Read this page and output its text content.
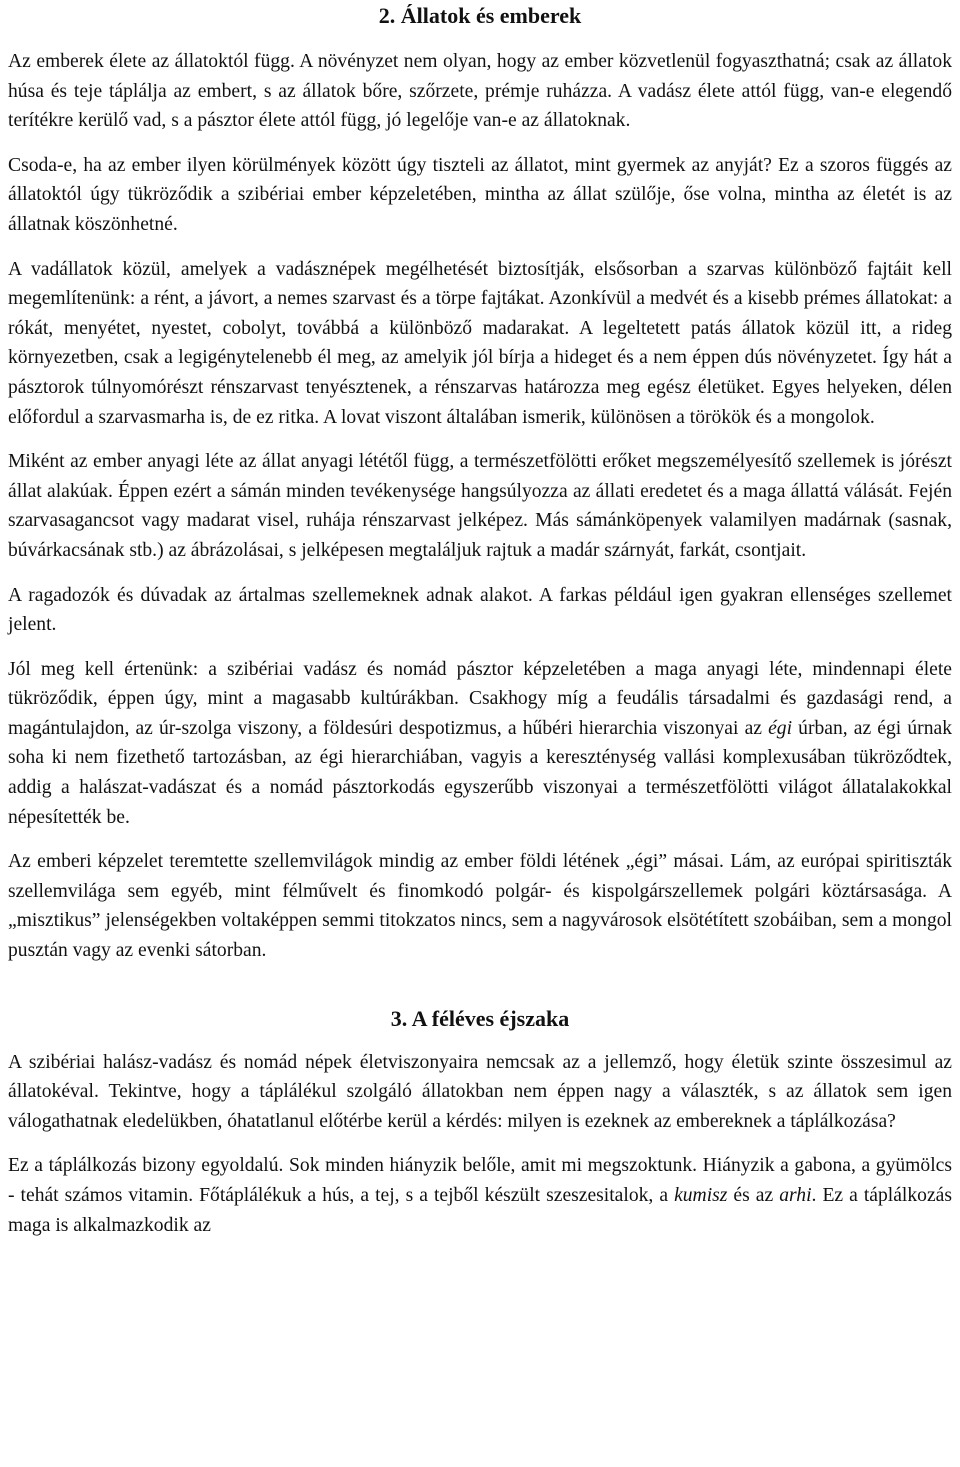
2. Állatok és emberek

Az emberek élete az állatoktól függ. A növényzet nem olyan, hogy az ember közvetlenül fogyaszthatná; csak az állatok húsa és teje táplálja az embert, s az állatok bőre, szőrzete, prémje ruházza. A vadász élete attól függ, van-e elegendő terítékre kerülő vad, s a pásztor élete attól függ, jó legelője van-e az állatoknak.

Csoda-e, ha az ember ilyen körülmények között úgy tiszteli az állatot, mint gyermek az anyját? Ez a szoros függés az állatoktól úgy tükröződik a szibériai ember képzeletében, mintha az állat szülője, őse volna, mintha az életét is az állatnak köszönhetné.

A vadállatok közül, amelyek a vadásznépek megélhetését biztosítják, elsősorban a szarvas különböző fajtáit kell megemlítenünk: a rént, a jávort, a nemes szarvast és a törpe fajtákat. Azonkívül a medvét és a kisebb prémes állatokat: a rókát, menyétet, nyestet, cobolyt, továbbá a különböző madarakat. A legeltetett patás állatok közül itt, a rideg környezetben, csak a legigénytelenebb él meg, az amelyik jól bírja a hideget és a nem éppen dús növényzetet. Így hát a pásztorok túlnyomórészt rénszarvast tenyésztenek, a rénszarvas határozza meg egész életüket. Egyes helyeken, délen előfordul a szarvasmarha is, de ez ritka. A lovat viszont általában ismerik, különösen a törökök és a mongolok.

Miként az ember anyagi léte az állat anyagi lététől függ, a természetfölötti erőket megszemélyesítő szellemek is jórészt állat alakúak. Éppen ezért a sámán minden tevékenysége hangsúlyozza az állati eredetet és a maga állattá válását. Fején szarvasagancsot vagy madarat visel, ruhája rénszarvast jelképez. Más sámánköpenyek valamilyen madárnak (sasnak, búvárkacsának stb.) az ábrázolásai, s jelképesen megtaláljuk rajtuk a madár szárnyát, farkát, csontjait.

A ragadozók és dúvadak az ártalmas szellemeknek adnak alakot. A farkas például igen gyakran ellenséges szellemet jelent.

Jól meg kell értenünk: a szibériai vadász és nomád pásztor képzeletében a maga anyagi léte, mindennapi élete tükröződik, éppen úgy, mint a magasabb kultúrákban. Csakhogy míg a feudális társadalmi és gazdasági rend, a magántulajdon, az úr-szolga viszony, a földesúri despotizmus, a hűbéri hierarchia viszonyai az égi úrban, az égi úrnak soha ki nem fizethető tartozásban, az égi hierarchiában, vagyis a kereszténység vallási komplexusában tükröződtek, addig a halászat-vadászat és a nomád pásztorkodás egyszerűbb viszonyai a természetfölötti világot állatalakokkal népesítették be.

Az emberi képzelet teremtette szellemvilágok mindig az ember földi létének „égi” másai. Lám, az európai spiritiszták szellemvilága sem egyéb, mint félművelt és finomkodó polgár- és kispolgárszellemek polgári köztársasága. A „misztikus” jelenségekben voltaképpen semmi titokzatos nincs, sem a nagyvárosok elsötétített szobáiban, sem a mongol pusztán vagy az evenki sátorban.

3. A féléves éjszaka

A szibériai halász-vadász és nomád népek életviszonyaira nemcsak az a jellemző, hogy életük szinte összesimul az állatokéval. Tekintve, hogy a táplálékul szolgáló állatokban nem éppen nagy a választék, s az állatok sem igen válogathatnak eledelükben, óhatatlanul előtérbe kerül a kérdés: milyen is ezeknek az embereknek a táplálkozása?

Ez a táplálkozás bizony egyoldalú. Sok minden hiányzik belőle, amit mi megszoktunk. Hiányzik a gabona, a gyümölcs - tehát számos vitamin. Főtáplálékuk a hús, a tej, s a tejből készült szeszesitalok, a kumisz és az arhi. Ez a táplálkozás maga is alkalmazkodik az
